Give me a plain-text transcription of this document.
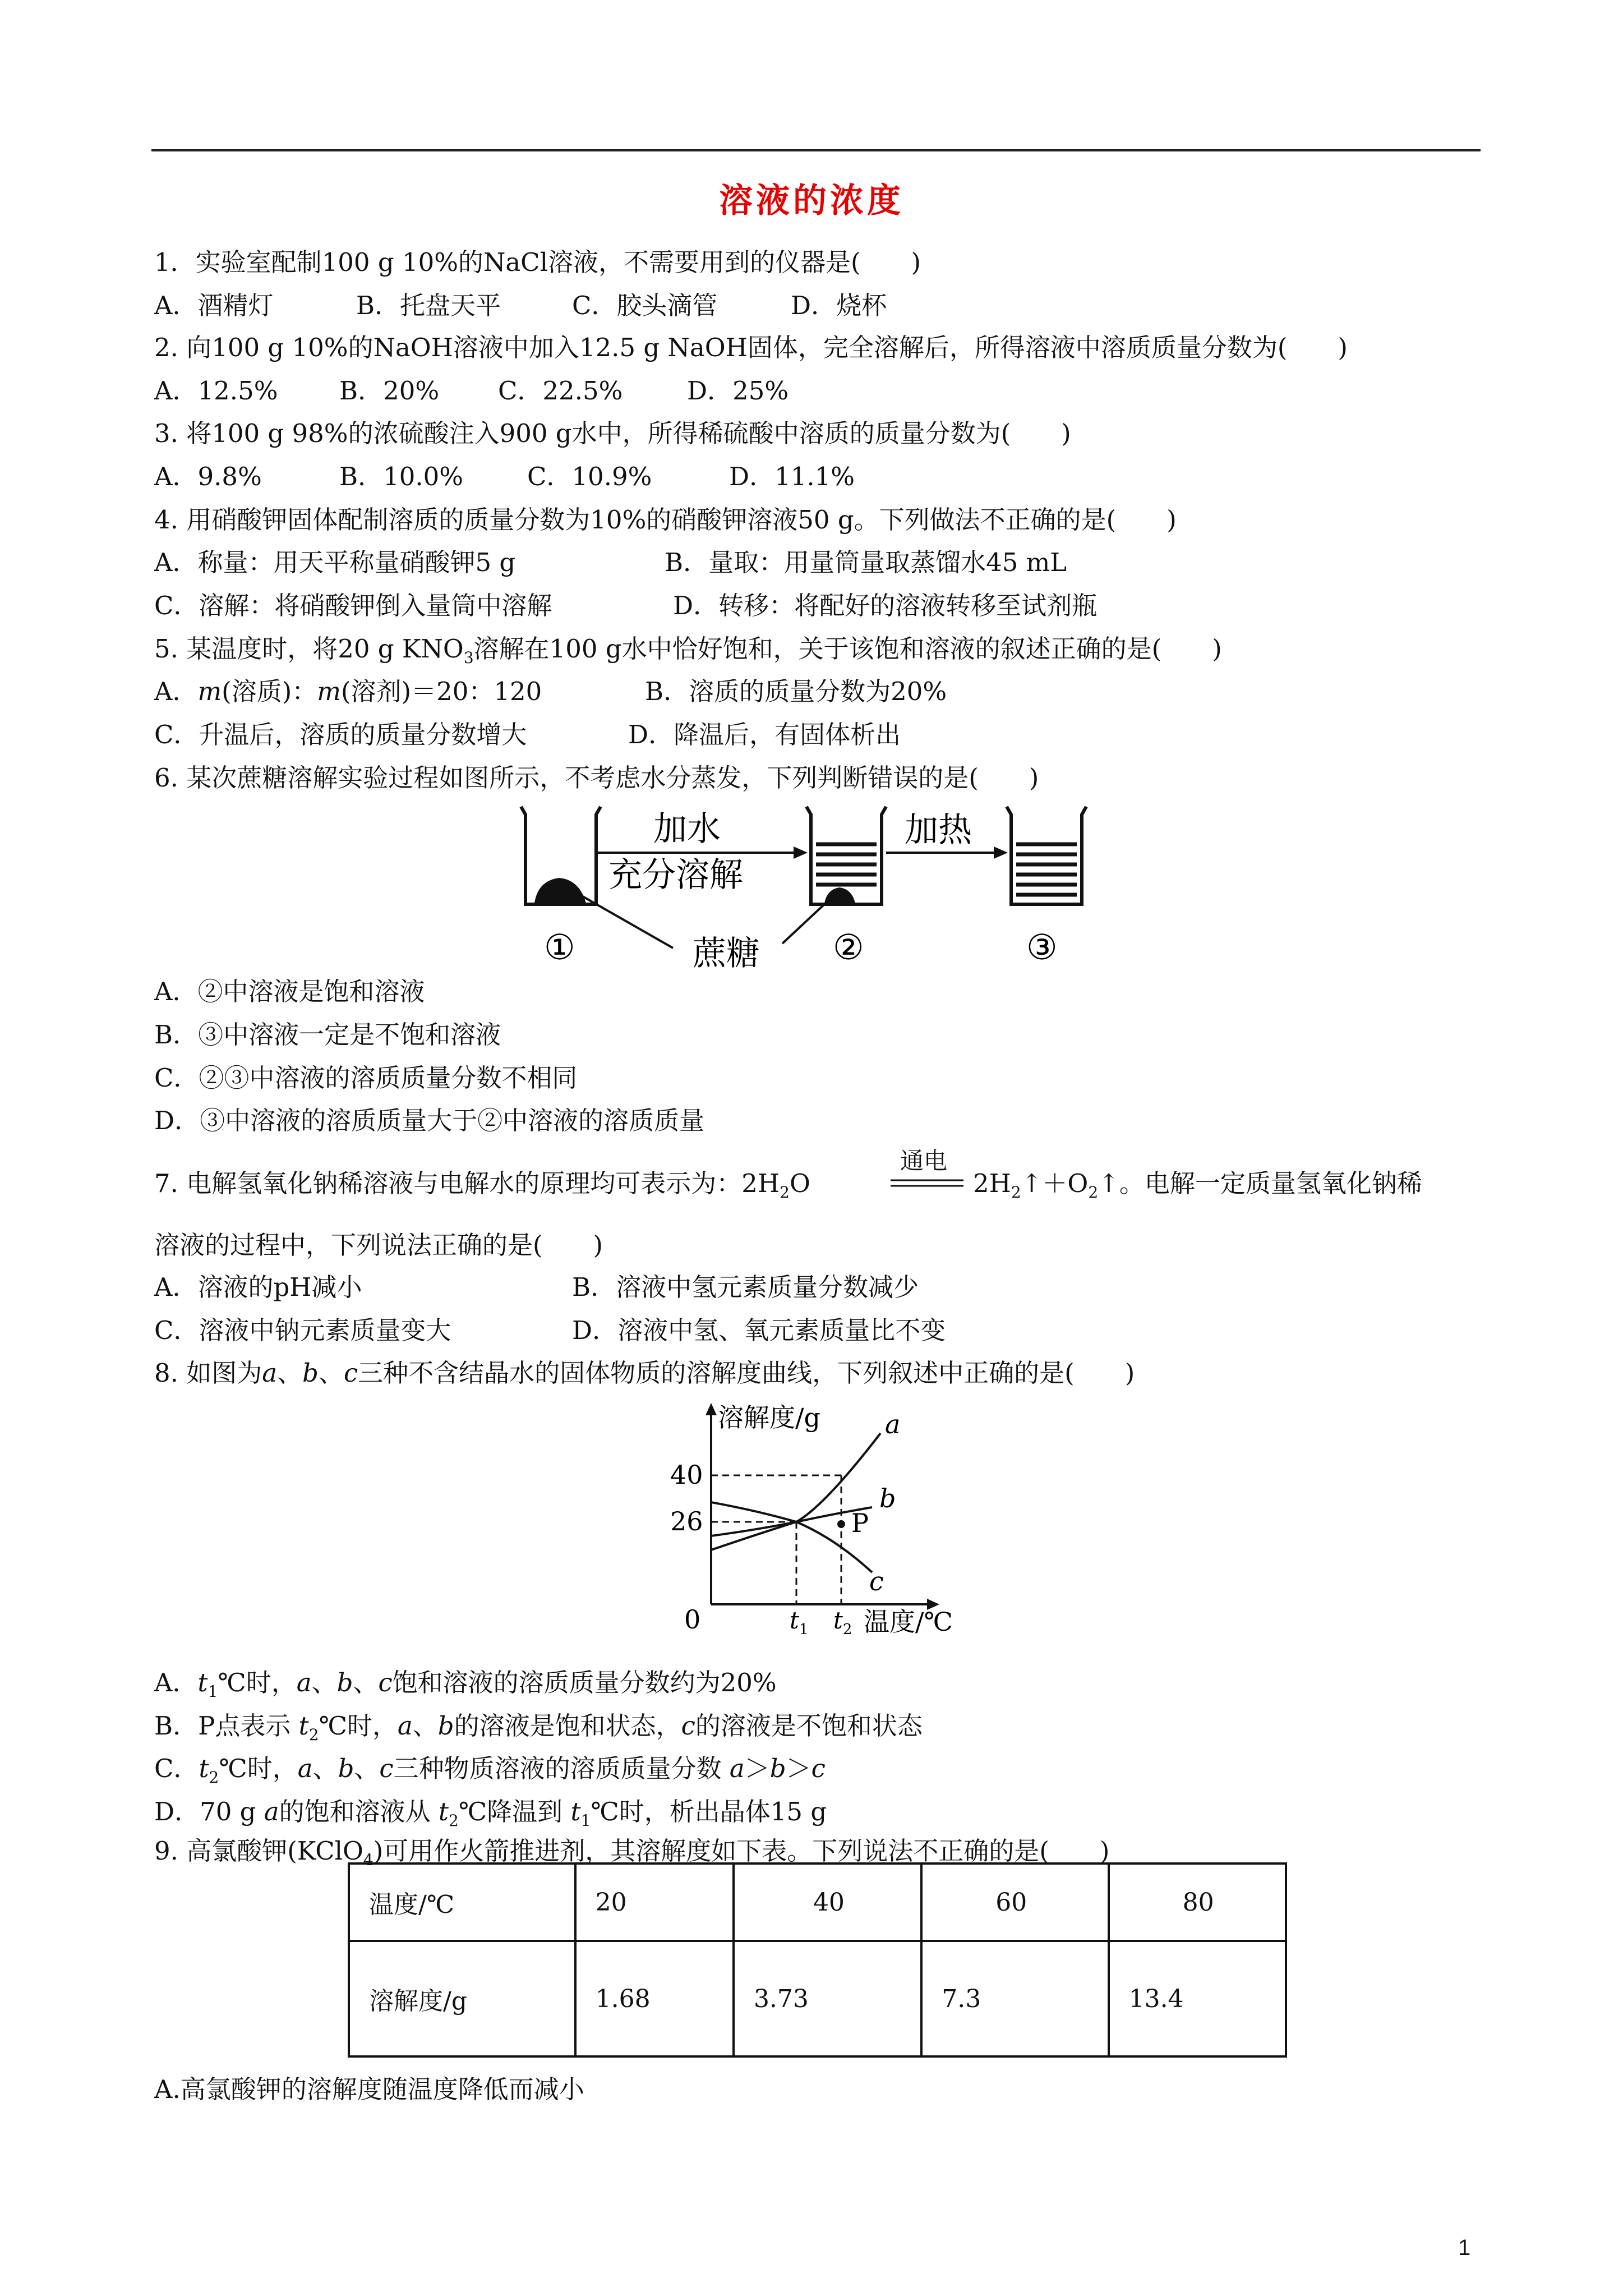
溶液的浓度
1．实验室配制100 g 10%的NaCl溶液，不需要用到的仪器是(　　)

A．酒精灯

	B．托盘天平

	C．胶头滴管

	D．烧杯

2. 向100 g 10%的NaOH溶液中加入12.5 g NaOH固体，完全溶解后，所得溶液中溶质质量分数为(　　)

A．12.5%

B．20%

C．22.5%

	D．25%

3. 将100 g 98%的浓硫酸注入900 g水中，所得稀硫酸中溶质的质量分数为(　　)

A．9.8%

	B．10.0%

	C．10.9%

	D．11.1%

4. 用硝酸钾固体配制溶质的质量分数为10%的硝酸钾溶液50 g。下列做法不正确的是(　　)

A．称量：用天平称量硝酸钾5 g

	B．量取：用量筒量取蒸馏水45 mL

C．溶解：将硝酸钾倒入量筒中溶解

	D．转移：将配好的溶液转移至试剂瓶

5. 某温度时，将20 g $KNO_3$溶解在100 g水中恰好饱和，关于该饱和溶液的叙述正确的是(　　)

A．m(溶质)：m(溶剂)＝20：120

	B．溶质的质量分数为20%

C．升温后，溶质的质量分数增大

	D．降温后，有固体析出

6. 某次蔗糖溶解实验过程如图所示，不考虑水分蒸发，下列判断错误的是(　　)
加水
充分溶解
加热
①	②	③
蔗糖
A．②中溶液是饱和溶液
B．③中溶液一定是不饱和溶液
C．②③中溶液的溶质质量分数不相同
D．③中溶液的溶质质量大于②中溶液的溶质质量
7. 电解氢氧化钠稀溶液与电解水的原理均可表示为：$2H_2O$
通电
$2H_2↑+O_2↑$。电解一定质量氢氧化钠稀
溶液的过程中，下列说法正确的是(　　)

A．溶液的pH减小

	B．溶液中氢元素质量分数减少

C．溶液中钠元素质量变大

	D．溶液中氢、氧元素质量比不变

8. 如图为a、b、c三种不含结晶水的固体物质的溶解度曲线，下列叙述中正确的是(　　)
P
溶解度/g
40
26
0	$t_1$ $t_2$ 温度/℃
a
b
c
A．$t_1℃$时，a、b、c饱和溶液的溶质质量分数约为20%
B．P点表示 $t_2℃$时，a、b的溶液是饱和状态，c的溶液是不饱和状态
C．$t_2℃$时，a、b、c三种物质溶液的溶质质量分数 a＞b＞c
D．70 g a的饱和溶液从 $t_2℃$降温到 $t_1℃$时，析出晶体15 g
9. 高氯酸钾(KClO$_4$)可用作火箭推进剂，其溶解度如下表。下列说法不正确的是(　　)
温度/℃	20	40	60	80
溶解度/g	1.68	3.73	7.3	13.4
A.高氯酸钾的溶解度随温度降低而减小
1
